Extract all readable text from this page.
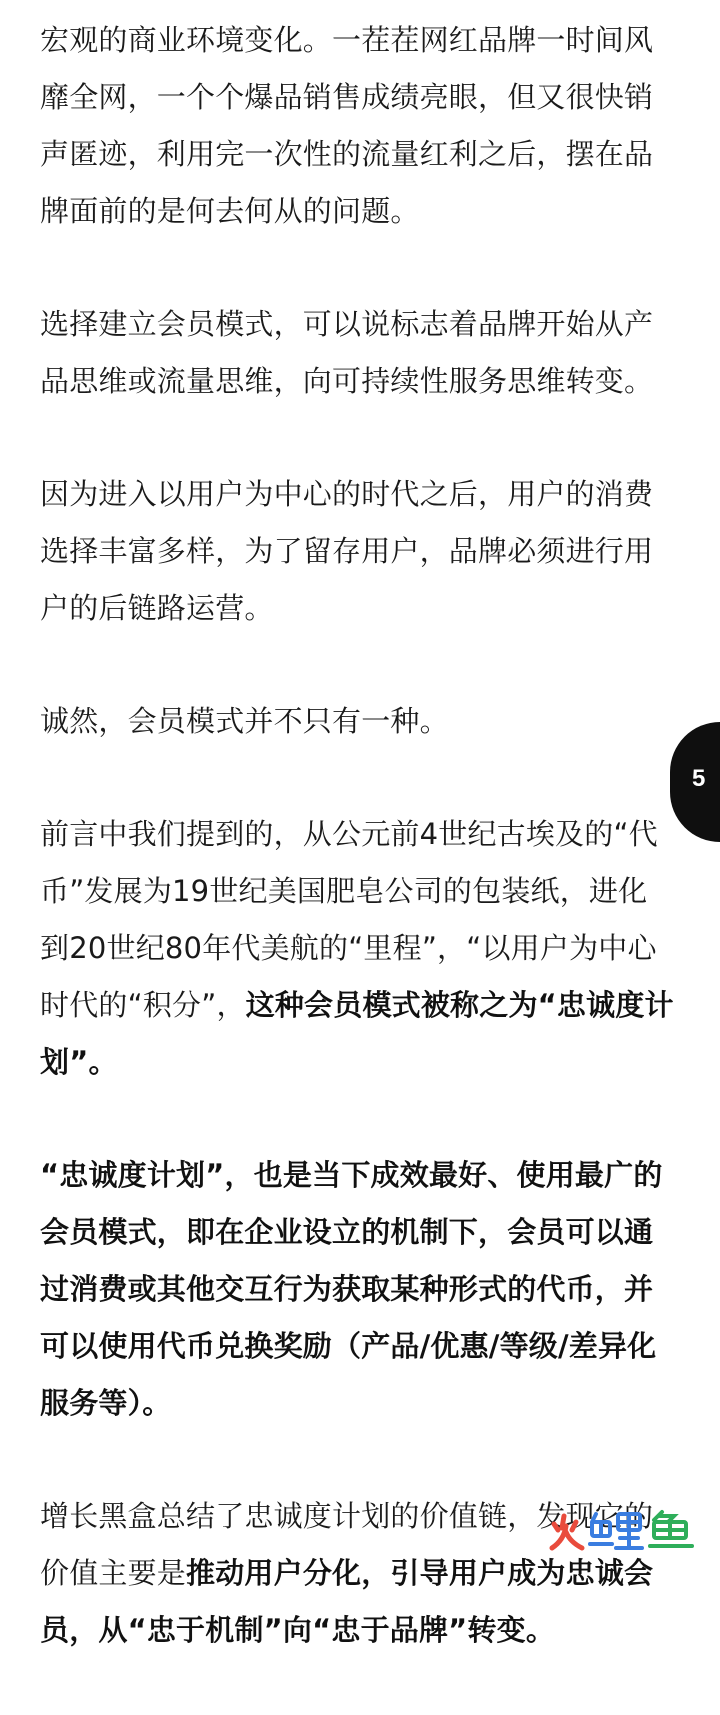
宏观的商业环境变化。一茬茬网红品牌一时间风靡全网，一个个爆品销售成绩亮眼，但又很快销声匿迹，利用完一次性的流量红利之后，摆在品牌面前的是何去何从的问题。

选择建立会员模式，可以说标志着品牌开始从产品思维或流量思维，向可持续性服务思维转变。

因为进入以用户为中心的时代之后，用户的消费选择丰富多样，为了留存用户，品牌必须进行用户的后链路运营。

诚然，会员模式并不只有一种。

前言中我们提到的，从公元前4世纪古埃及的“代币”发展为19世纪美国肥皂公司的包装纸，进化到20世纪80年代美航的“里程”，“以用户为中心时代的“积分”，这种会员模式被称之为“忠诚度计划”。

“忠诚度计划”，也是当下成效最好、使用最广的会员模式，即在企业设立的机制下，会员可以通过消费或其他交互行为获取某种形式的代币，并可以使用代币兑换奖励（产品/优惠/等级/差异化服务等）。

增长黑盒总结了忠诚度计划的价值链，发现它的价值主要是推动用户分化，引导用户成为忠诚会员，从“忠于机制”向“忠于品牌”转变。

5
